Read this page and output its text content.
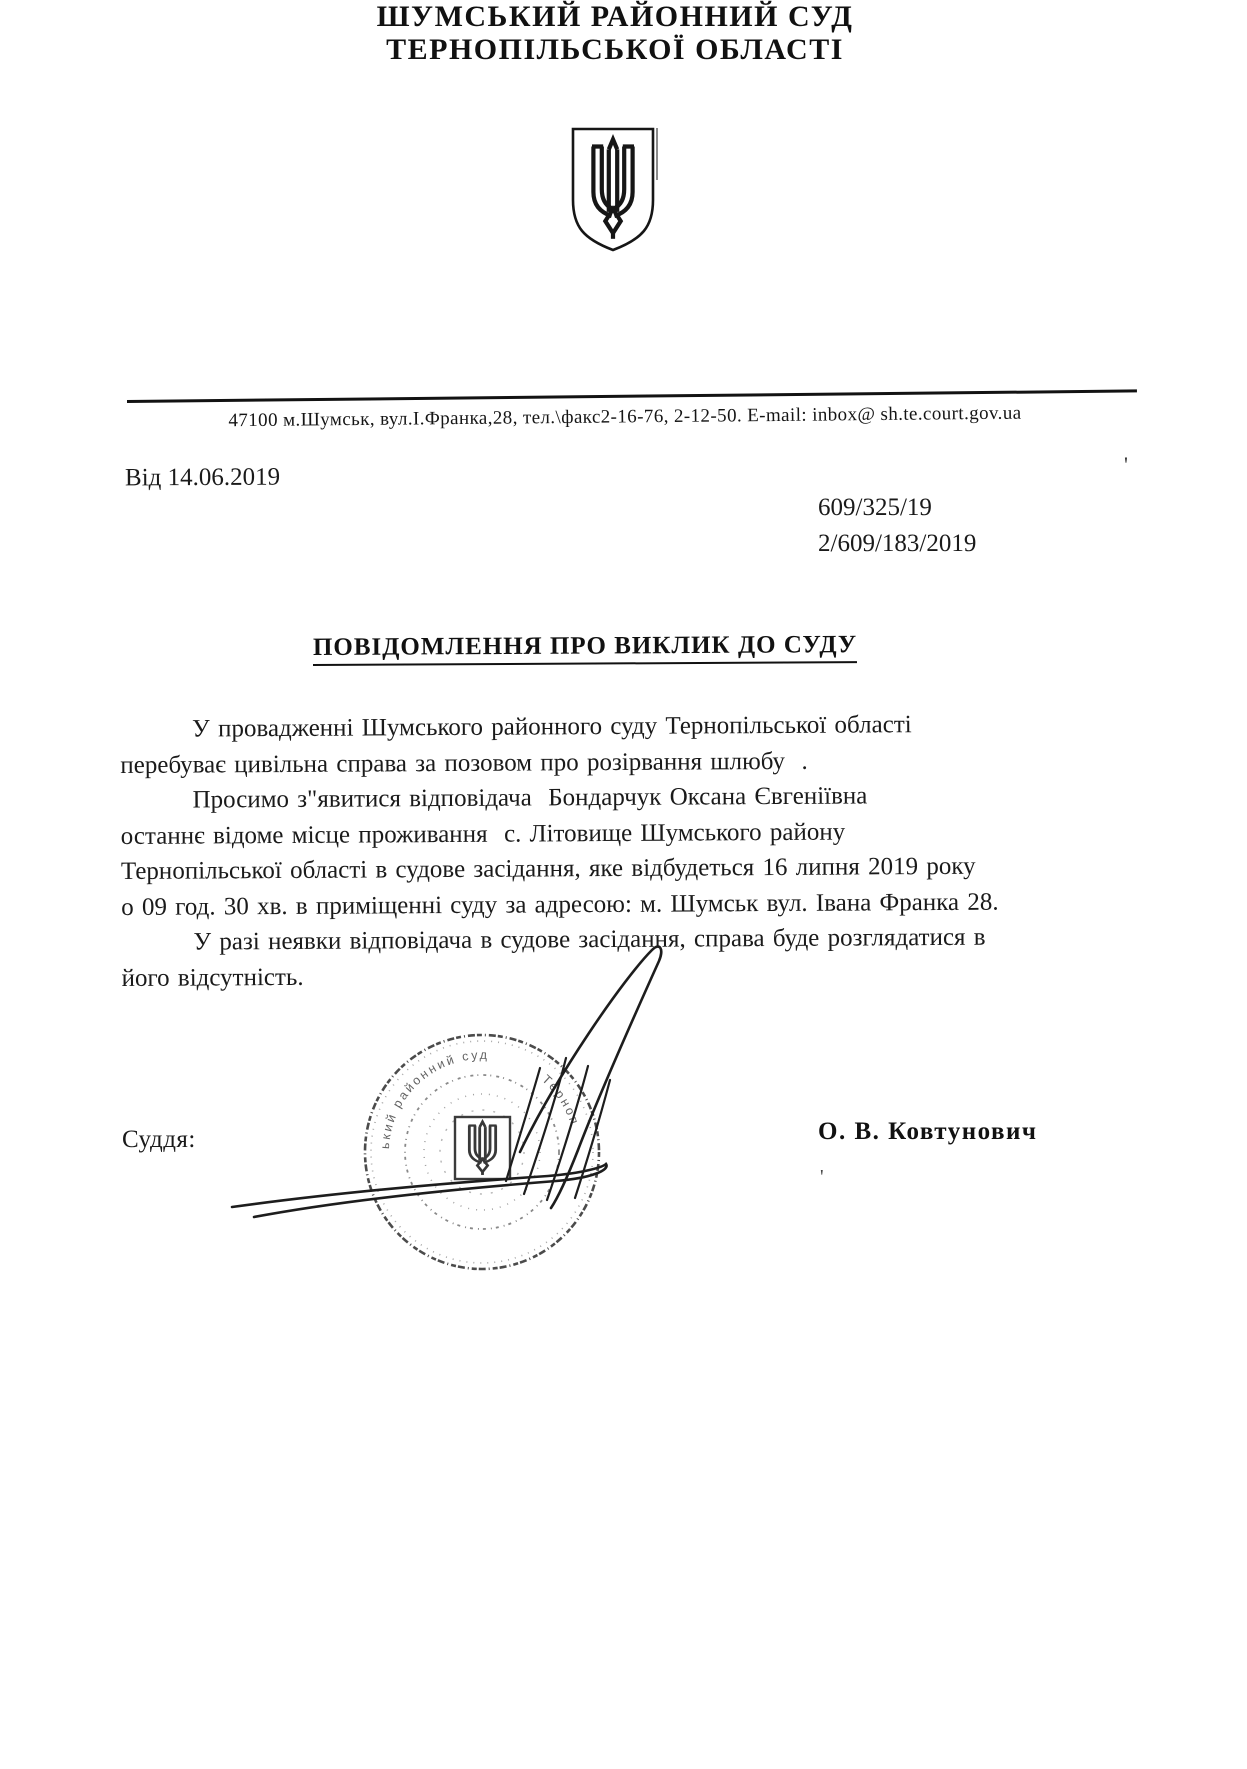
ький районний суд
Терноп
ШУМСЬКИЙ РАЙОННИЙ СУД
ТЕРНОПІЛЬСЬКОЇ ОБЛАСТІ
47100 м.Шумськ, вул.І.Франка,28, тел.\факс2-16-76, 2-12-50. E-mail: inbox@ sh.te.court.gov.ua
Від 14.06.2019	'
609/325/19
2/609/183/2019
ПОВІДОМЛЕННЯ ПРО ВИКЛИК ДО СУДУ
У провадженні Шумського районного суду Тернопільської області
перебуває цивільна справа за позовом про розірвання шлюбу  .
Просимо з"явитися відповідача  Бондарчук Оксана Євгеніївна
останнє відоме місце проживання  с. Літовище Шумського району
Тернопільської області в судове засідання, яке відбудеться 16 липня 2019 року
о 09 год. 30 хв. в приміщенні суду за адресою: м. Шумськ вул. Івана Франка 28.
У разі неявки відповідача в судове засідання, справа буде розглядатися в
його відсутність.
Суддя:	О. В. Ковтунович
'
